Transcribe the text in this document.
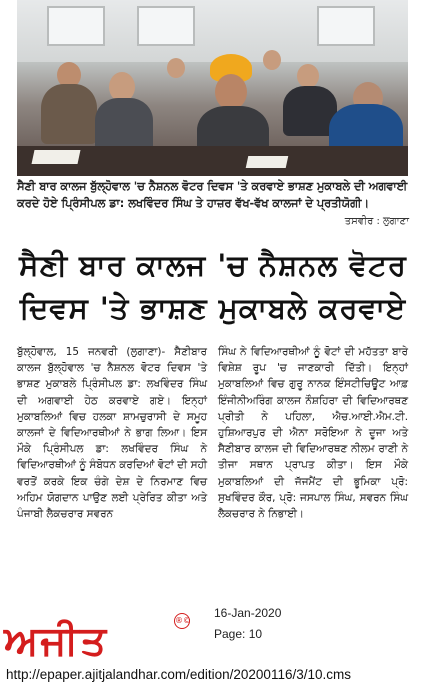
ਸੈਣੀ ਬਾਰ ਕਾਲਜ ਬੁੱਲ੍ਹੋਵਾਲ 'ਚ ਨੈਸ਼ਨਲ ਵੋਟਰ ਦਿਵਸ 'ਤੇ ਕਰਵਾਏ ਭਾਸ਼ਣ ਮੁਕਾਬਲੇ ਦੀ ਅਗਵਾਈ ਕਰਦੇ ਹੋਏ ਪ੍ਰਿੰਸੀਪਲ ਡਾ: ਲਖਵਿੰਦਰ ਸਿੰਘ ਤੇ ਹਾਜ਼ਰ ਵੱਖ-ਵੱਖ ਕਾਲਜਾਂ ਦੇ ਪ੍ਰਤੀਯੋਗੀ।
ਤਸਵੀਰ : ਲੁਗਾਣਾ
ਸੈਣੀ ਬਾਰ ਕਾਲਜ 'ਚ ਨੈਸ਼ਨਲ ਵੋਟਰ ਦਿਵਸ 'ਤੇ ਭਾਸ਼ਣ ਮੁਕਾਬਲੇ ਕਰਵਾਏ
ਬੁੱਲ੍ਹੋਵਾਲ, 15 ਜਨਵਰੀ (ਲੁਗਾਣਾ)- ਸੈਣੀਬਾਰ ਕਾਲਜ ਬੁੱਲ੍ਹੋਵਾਲ 'ਚ ਨੈਸ਼ਨਲ ਵੋਟਰ ਦਿਵਸ 'ਤੇ ਭਾਸ਼ਣ ਮੁਕਾਬਲੇ ਪ੍ਰਿੰਸੀਪਲ ਡਾ: ਲਖਵਿੰਦਰ ਸਿੰਘ ਦੀ ਅਗਵਾਈ ਹੇਠ ਕਰਵਾਏ ਗਏ। ਇਨ੍ਹਾਂ ਮੁਕਾਬਲਿਆਂ ਵਿਚ ਹਲਕਾ ਸ਼ਾਮਚੁਰਾਸੀ ਦੇ ਸਮੂਹ ਕਾਲਜਾਂ ਦੇ ਵਿਦਿਆਰਥੀਆਂ ਨੇ ਭਾਗ ਲਿਆ। ਇਸ ਮੌਕੇ ਪ੍ਰਿੰਸੀਪਲ ਡਾ: ਲਖਵਿੰਦਰ ਸਿੰਘ ਨੇ ਵਿਦਿਆਰਥੀਆਂ ਨੂੰ ਸੰਬੋਧਨ ਕਰਦਿਆਂ ਵੋਟਾਂ ਦੀ ਸਹੀ ਵਰਤੋਂ ਕਰਕੇ ਇਕ ਚੰਗੇ ਦੇਸ਼ ਦੇ ਨਿਰਮਾਣ ਵਿਚ ਅਹਿਮ ਯੋਗਦਾਨ ਪਾਉਣ ਲਈ ਪ੍ਰੇਰਿਤ ਕੀਤਾ ਅਤੇ ਪੰਜਾਬੀ ਲੈਕਚਰਾਰ ਸਵਰਨ
ਸਿੰਘ ਨੇ ਵਿਦਿਆਰਥੀਆਂ ਨੂੰ ਵੋਟਾਂ ਦੀ ਮਹੱਤਤਾ ਬਾਰੇ ਵਿਸ਼ੇਸ਼ ਰੂਪ 'ਚ ਜਾਣਕਾਰੀ ਦਿੱਤੀ। ਇਨ੍ਹਾਂ ਮੁਕਾਬਲਿਆਂ ਵਿਚ ਗੁਰੂ ਨਾਨਕ ਇੰਸਟੀਚਿਊਟ ਆਫ਼ ਇੰਜੀਨੀਅਰਿੰਗ ਕਾਲਜ ਨੌਸ਼ਹਿਰਾ ਦੀ ਵਿਦਿਆਰਥਣ ਪ੍ਰੀਤੀ ਨੇ ਪਹਿਲਾ, ਐਚ.ਆਈ.ਐਮ.ਟੀ. ਹੁਸ਼ਿਆਰਪੁਰ ਦੀ ਐਨਾ ਸਰੋਇਆ ਨੇ ਦੂਜਾ ਅਤੇ ਸੈਣੀਬਾਰ ਕਾਲਜ ਦੀ ਵਿਦਿਆਰਥਣ ਨੀਲਮ ਰਾਣੀ ਨੇ ਤੀਜਾ ਸਥਾਨ ਪ੍ਰਾਪਤ ਕੀਤਾ। ਇਸ ਮੌਕੇ ਮੁਕਾਬਲਿਆਂ ਦੀ ਜੱਜਮੈਂਟ ਦੀ ਭੂਮਿਕਾ ਪ੍ਰੋ: ਸੁਖਵਿੰਦਰ ਕੌਰ, ਪ੍ਰੋ: ਜਸਪਾਲ ਸਿੰਘ, ਸਵਰਨ ਸਿੰਘ ਲੈਕਚਰਾਰ ਨੇ ਨਿਭਾਈ।
ਅਜੀਤ	®©
16-Jan-2020
Page: 10
http://epaper.ajitjalandhar.com/edition/20200116/3/10.cms
